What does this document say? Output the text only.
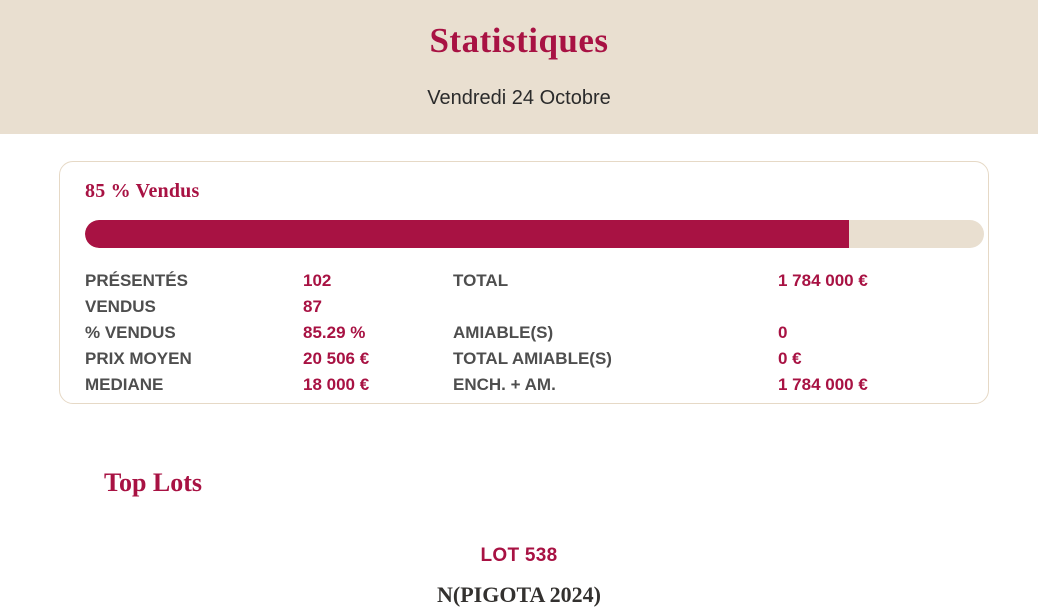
Statistiques

Vendredi 24 Octobre

85 % Vendus
PRÉSENTÉS	102	TOTAL	1 784 000 €
VENDUS	87
% VENDUS	85.29 %	AMIABLE(S)	0
PRIX MOYEN	20 506 €	TOTAL AMIABLE(S)	0 €
MEDIANE	18 000 €	ENCH. + AM.	1 784 000 €
Top Lots
LOT 538
N(PIGOTA 2024)
